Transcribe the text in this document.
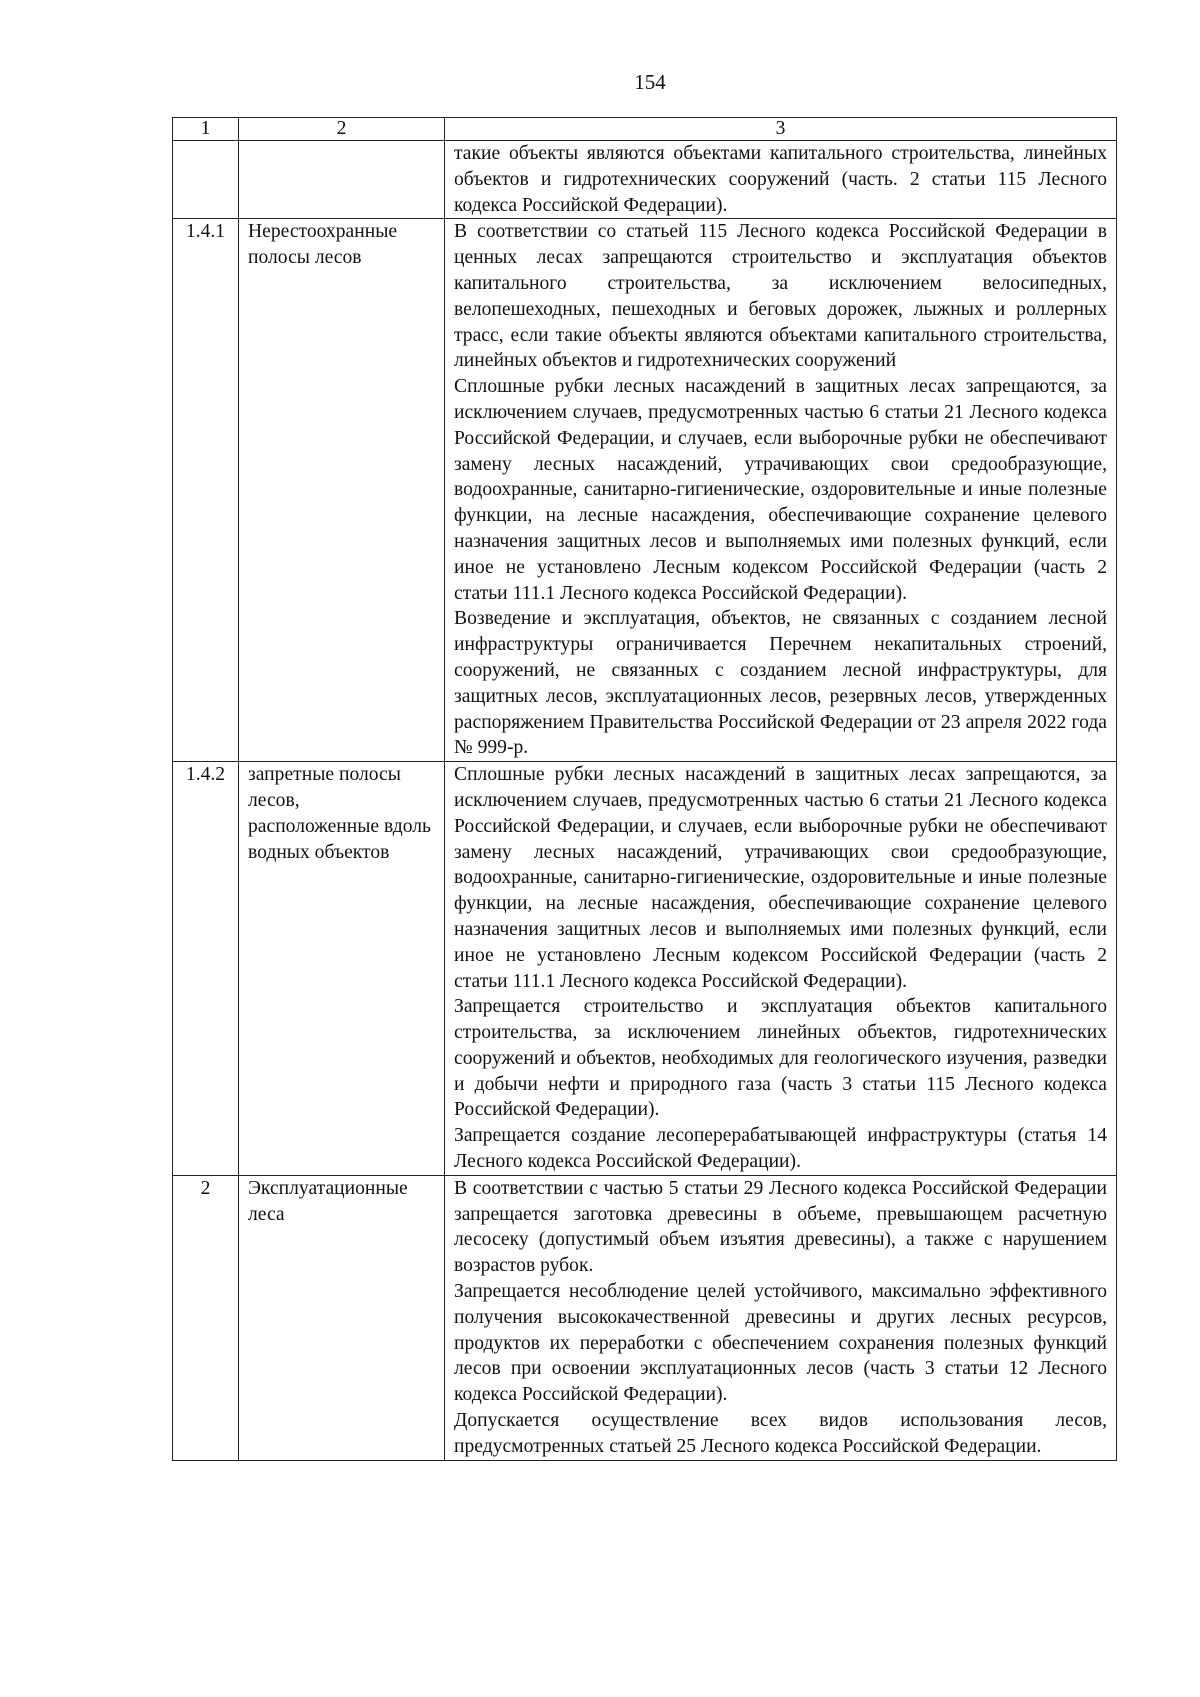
154
1	2	3

		такие объекты являются объектами капитального строительства, линейных объектов и гидротехнических сооружений (часть. 2 статьи 115 Лесного кодекса Российской Федерации).

1.4.1	Нерестоохранные полосы лесов	В соответствии со статьей 115 Лесного кодекса Российской Федерации в ценных лесах запрещаются строительство и эксплуатация объектов капитального строительства, за исключением велосипедных, велопешеходных, пешеходных и беговых дорожек, лыжных и роллерных трасс, если такие объекты являются объектами капитального строительства, линейных объектов и гидротехнических сооружений

Сплошные рубки лесных насаждений в защитных лесах запрещаются, за исключением случаев, предусмотренных частью 6 статьи 21 Лесного кодекса Российской Федерации, и случаев, если выборочные рубки не обеспечивают замену лесных насаждений, утрачивающих свои средообразующие, водоохранные, санитарно-гигиенические, оздоровительные и иные полезные функции, на лесные насаждения, обеспечивающие сохранение целевого назначения защитных лесов и выполняемых ими полезных функций, если иное не установлено Лесным кодексом Российской Федерации (часть 2 статьи 111.1 Лесного кодекса Российской Федерации).

Возведение и эксплуатация, объектов, не связанных с созданием лесной инфраструктуры ограничивается Перечнем некапитальных строений, сооружений, не связанных с созданием лесной инфраструктуры, для защитных лесов, эксплуатационных лесов, резервных лесов, утвержденных распоряжением Правительства Российской Федерации от 23 апреля 2022 года № 999-р.

1.4.2	запретные полосы лесов, расположенные вдоль водных объектов	Сплошные рубки лесных насаждений в защитных лесах запрещаются, за исключением случаев, предусмотренных частью 6 статьи 21 Лесного кодекса Российской Федерации, и случаев, если выборочные рубки не обеспечивают замену лесных насаждений, утрачивающих свои средообразующие, водоохранные, санитарно-гигиенические, оздоровительные и иные полезные функции, на лесные насаждения, обеспечивающие сохранение целевого назначения защитных лесов и выполняемых ими полезных функций, если иное не установлено Лесным кодексом Российской Федерации (часть 2 статьи 111.1 Лесного кодекса Российской Федерации).

Запрещается строительство и эксплуатация объектов капитального строительства, за исключением линейных объектов, гидротехнических сооружений и объектов, необходимых для геологического изучения, разведки и добычи нефти и природного газа (часть 3 статьи 115 Лесного кодекса Российской Федерации).

Запрещается создание лесоперерабатывающей инфраструктуры (статья 14 Лесного кодекса Российской Федерации).

2	Эксплуатационные леса	В соответствии с частью 5 статьи 29 Лесного кодекса Российской Федерации запрещается заготовка древесины в объеме, превышающем расчетную лесосеку (допустимый объем изъятия древесины), а также с нарушением возрастов рубок.

Запрещается несоблюдение целей устойчивого, максимально эффективного получения высококачественной древесины и других лесных ресурсов, продуктов их переработки с обеспечением сохранения полезных функций лесов при освоении эксплуатационных лесов (часть 3 статьи 12 Лесного кодекса Российской Федерации).

Допускается осуществление всех видов использования лесов, предусмотренных статьей 25 Лесного кодекса Российской Федерации.
